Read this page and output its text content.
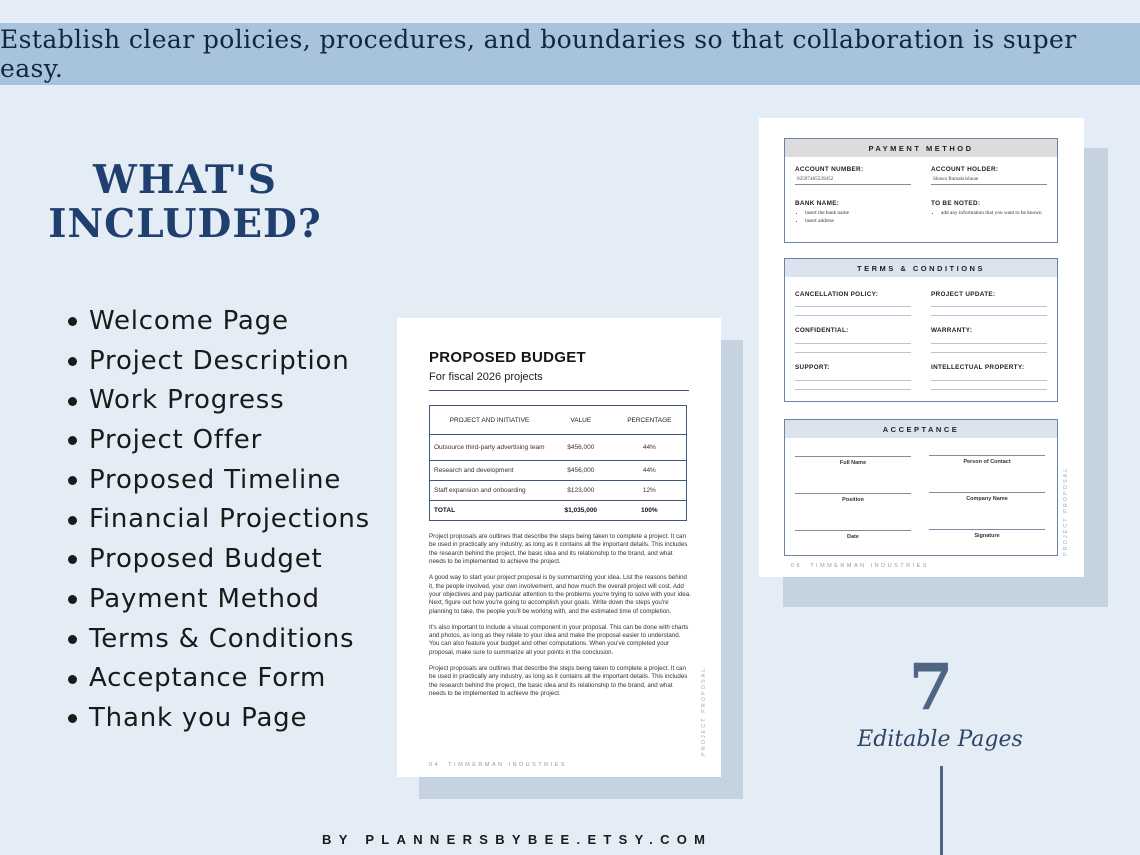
Establish clear policies, procedures, and boundaries so that collaboration is super easy.
WHAT'S
INCLUDED?
Welcome Page
Project Description
Work Progress
Project Offer
Proposed Timeline
Financial Projections
Proposed Budget
Payment Method
Terms & Conditions
Acceptance Form
Thank you Page
PROPOSED BUDGET
For fiscal 2026 projects
PROJECT AND INITIATIVE	VALUE	PERCENTAGE
Outsource third-party advertising team	$456,000	44%
Research and development	$456,000	44%
Staff expansion and onboarding	$123,000	12%
TOTAL	$1,035,000	100%

Project proposals are outlines that describe the steps being taken to complete a project. It can be used in practically any industry, as long as it contains all the important details. This includes the research behind the project, the basic idea and its relationship to the brand, and what needs to be implemented to achieve the project.

A good way to start your project proposal is by summarizing your idea. List the reasons behind it, the people involved, your own involvement, and how much the overall project will cost. Add your objectives and pay particular attention to the problems you're trying to solve with your idea. Next, figure out how you're going to accomplish your goals. Write down the steps you're planning to take, the people you'll be working with, and the estimated time of completion.

It's also important to include a visual component in your proposal. This can be done with charts and photos, as long as they relate to your idea and make the proposal easier to understand. You can also feature your budget and other computations. When you've completed your proposal, make sure to summarize all your points in the conclusion.

Project proposals are outlines that describe the steps being taken to complete a project. It can be used in practically any industry, as long as it contains all the important details. This includes the research behind the project, the basic idea and its relationship to the brand, and what needs to be implemented to achieve the project.

04 TIMMERMAN INDUSTRIES
PROJECT PROPOSAL
PAYMENT METHOD
ACCOUNT NUMBER:
02597465539452
ACCOUNT HOLDER:
Shawn Ramakrishnan
BANK NAME:
• insert the bank name
• insert address
TO BE NOTED:
• add any information that you want to be known
TERMS & CONDITIONS
CANCELLATION POLICY:	PROJECT UPDATE:
CONFIDENTIAL:	WARRANTY:
SUPPORT:	INTELLECTUAL PROPERTY:
ACCEPTANCE
Full Name	Person of Contact
Position	Company Name
Date	Signature
06 TIMMERMAN INDUSTRIES
PROJECT PROPOSAL
7
Editable Pages
BY PLANNERSBYBEE.ETSY.COM
